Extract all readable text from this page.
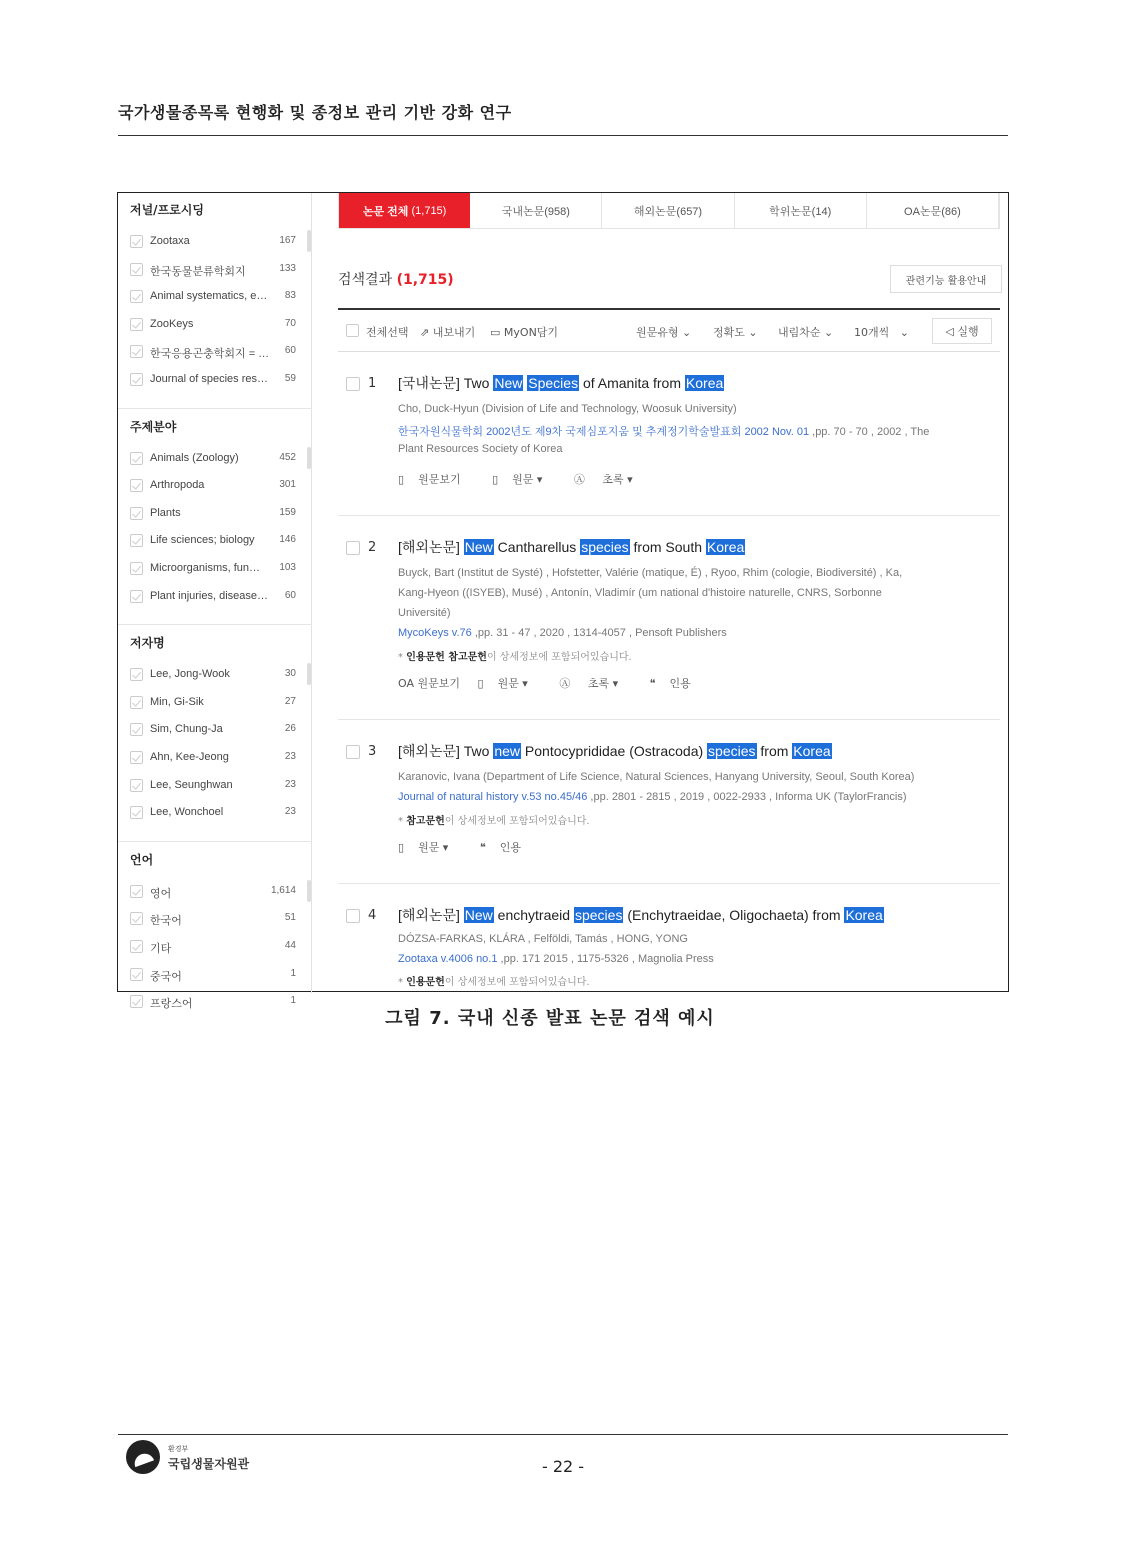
국가생물종목록 현행화 및 종정보 관리 기반 강화 연구
저널/프로시딩
Zootaxa	167
한국동물분류학회지	133
Animal systematics, e… 83
ZooKeys	70
한국응용곤충학회지 = … 60
Journal of species res… 59
주제분야
Animals (Zoology)	452
Arthropoda	301
Plants	159
Life sciences; biology 146
Microorganisms, fun… 103
Plant injuries, disease… 60
저자명
Lee, Jong-Wook	30
Min, Gi-Sik	27
Sim, Chung-Ja	26
Ahn, Kee-Jeong	23
Lee, Seunghwan	23
Lee, Wonchoel	23
언어
영어	1,614
한국어	51
기타	44
중국어	1
프랑스어	1
논문 전체
(1,715)	국내논문(958)	해외논문(657)	학위논문(14)	OA논문(86)
검색결과 (1,715)	관련기능 활용안내
전체선택 ⇗ 내보내기 ▭ MyON담기	원문유형 ⌄ 정확도 ⌄ 내림차순 ⌄ 10개씩 ⌄	◁
실행
1 [국내논문] Two New Species of Amanita from Korea
Cho, Duck-Hyun (Division of Life and Technology, Woosuk University)
한국자원식물학회 2002년도 제9차 국제심포지움 및 추계정기학술발표회 2002 Nov. 01 ,pp. 70 - 70 , 2002 , The
Plant Resources Society of Korea
▯ 원문보기	▯ 원문 ▾	Ⓐ 초록 ▾
2 [해외논문] New Cantharellus species from South Korea
Buyck, Bart (Institut de Systé) , Hofstetter, Valérie (matique, É) , Ryoo, Rhim (cologie, Biodiversité) , Ka,
Kang-Hyeon ((ISYEB), Musé) , Antonín, Vladimír (um national d'histoire naturelle, CNRS, Sorbonne
Université)
MycoKeys v.76 ,pp. 31 - 47 , 2020 , 1314-4057 , Pensoft Publishers
* 인용문헌 참고문헌이 상세정보에 포함되어있습니다.
OA 원문보기 ▯ 원문 ▾	Ⓐ 초록 ▾	❝ 인용
3 [해외논문] Two new Pontocyprididae (Ostracoda) species from Korea
Karanovic, Ivana (Department of Life Science, Natural Sciences, Hanyang University, Seoul, South Korea)
Journal of natural history v.53 no.45/46 ,pp. 2801 - 2815 , 2019 , 0022-2933 , Informa UK (TaylorFrancis)
* 참고문헌이 상세정보에 포함되어있습니다.
▯ 원문 ▾	❝ 인용
4 [해외논문] New enchytraeid species (Enchytraeidae, Oligochaeta) from Korea
DÓZSA-FARKAS, KLÁRA , Felföldi, Tamás , HONG, YONG
Zootaxa v.4006 no.1 ,pp. 171 2015 , 1175-5326 , Magnolia Press
* 인용문헌이 상세정보에 포함되어있습니다.
그림 7. 국내 신종 발표 논문 검색 예시
환경부
국립생물자원관	- 22 -
